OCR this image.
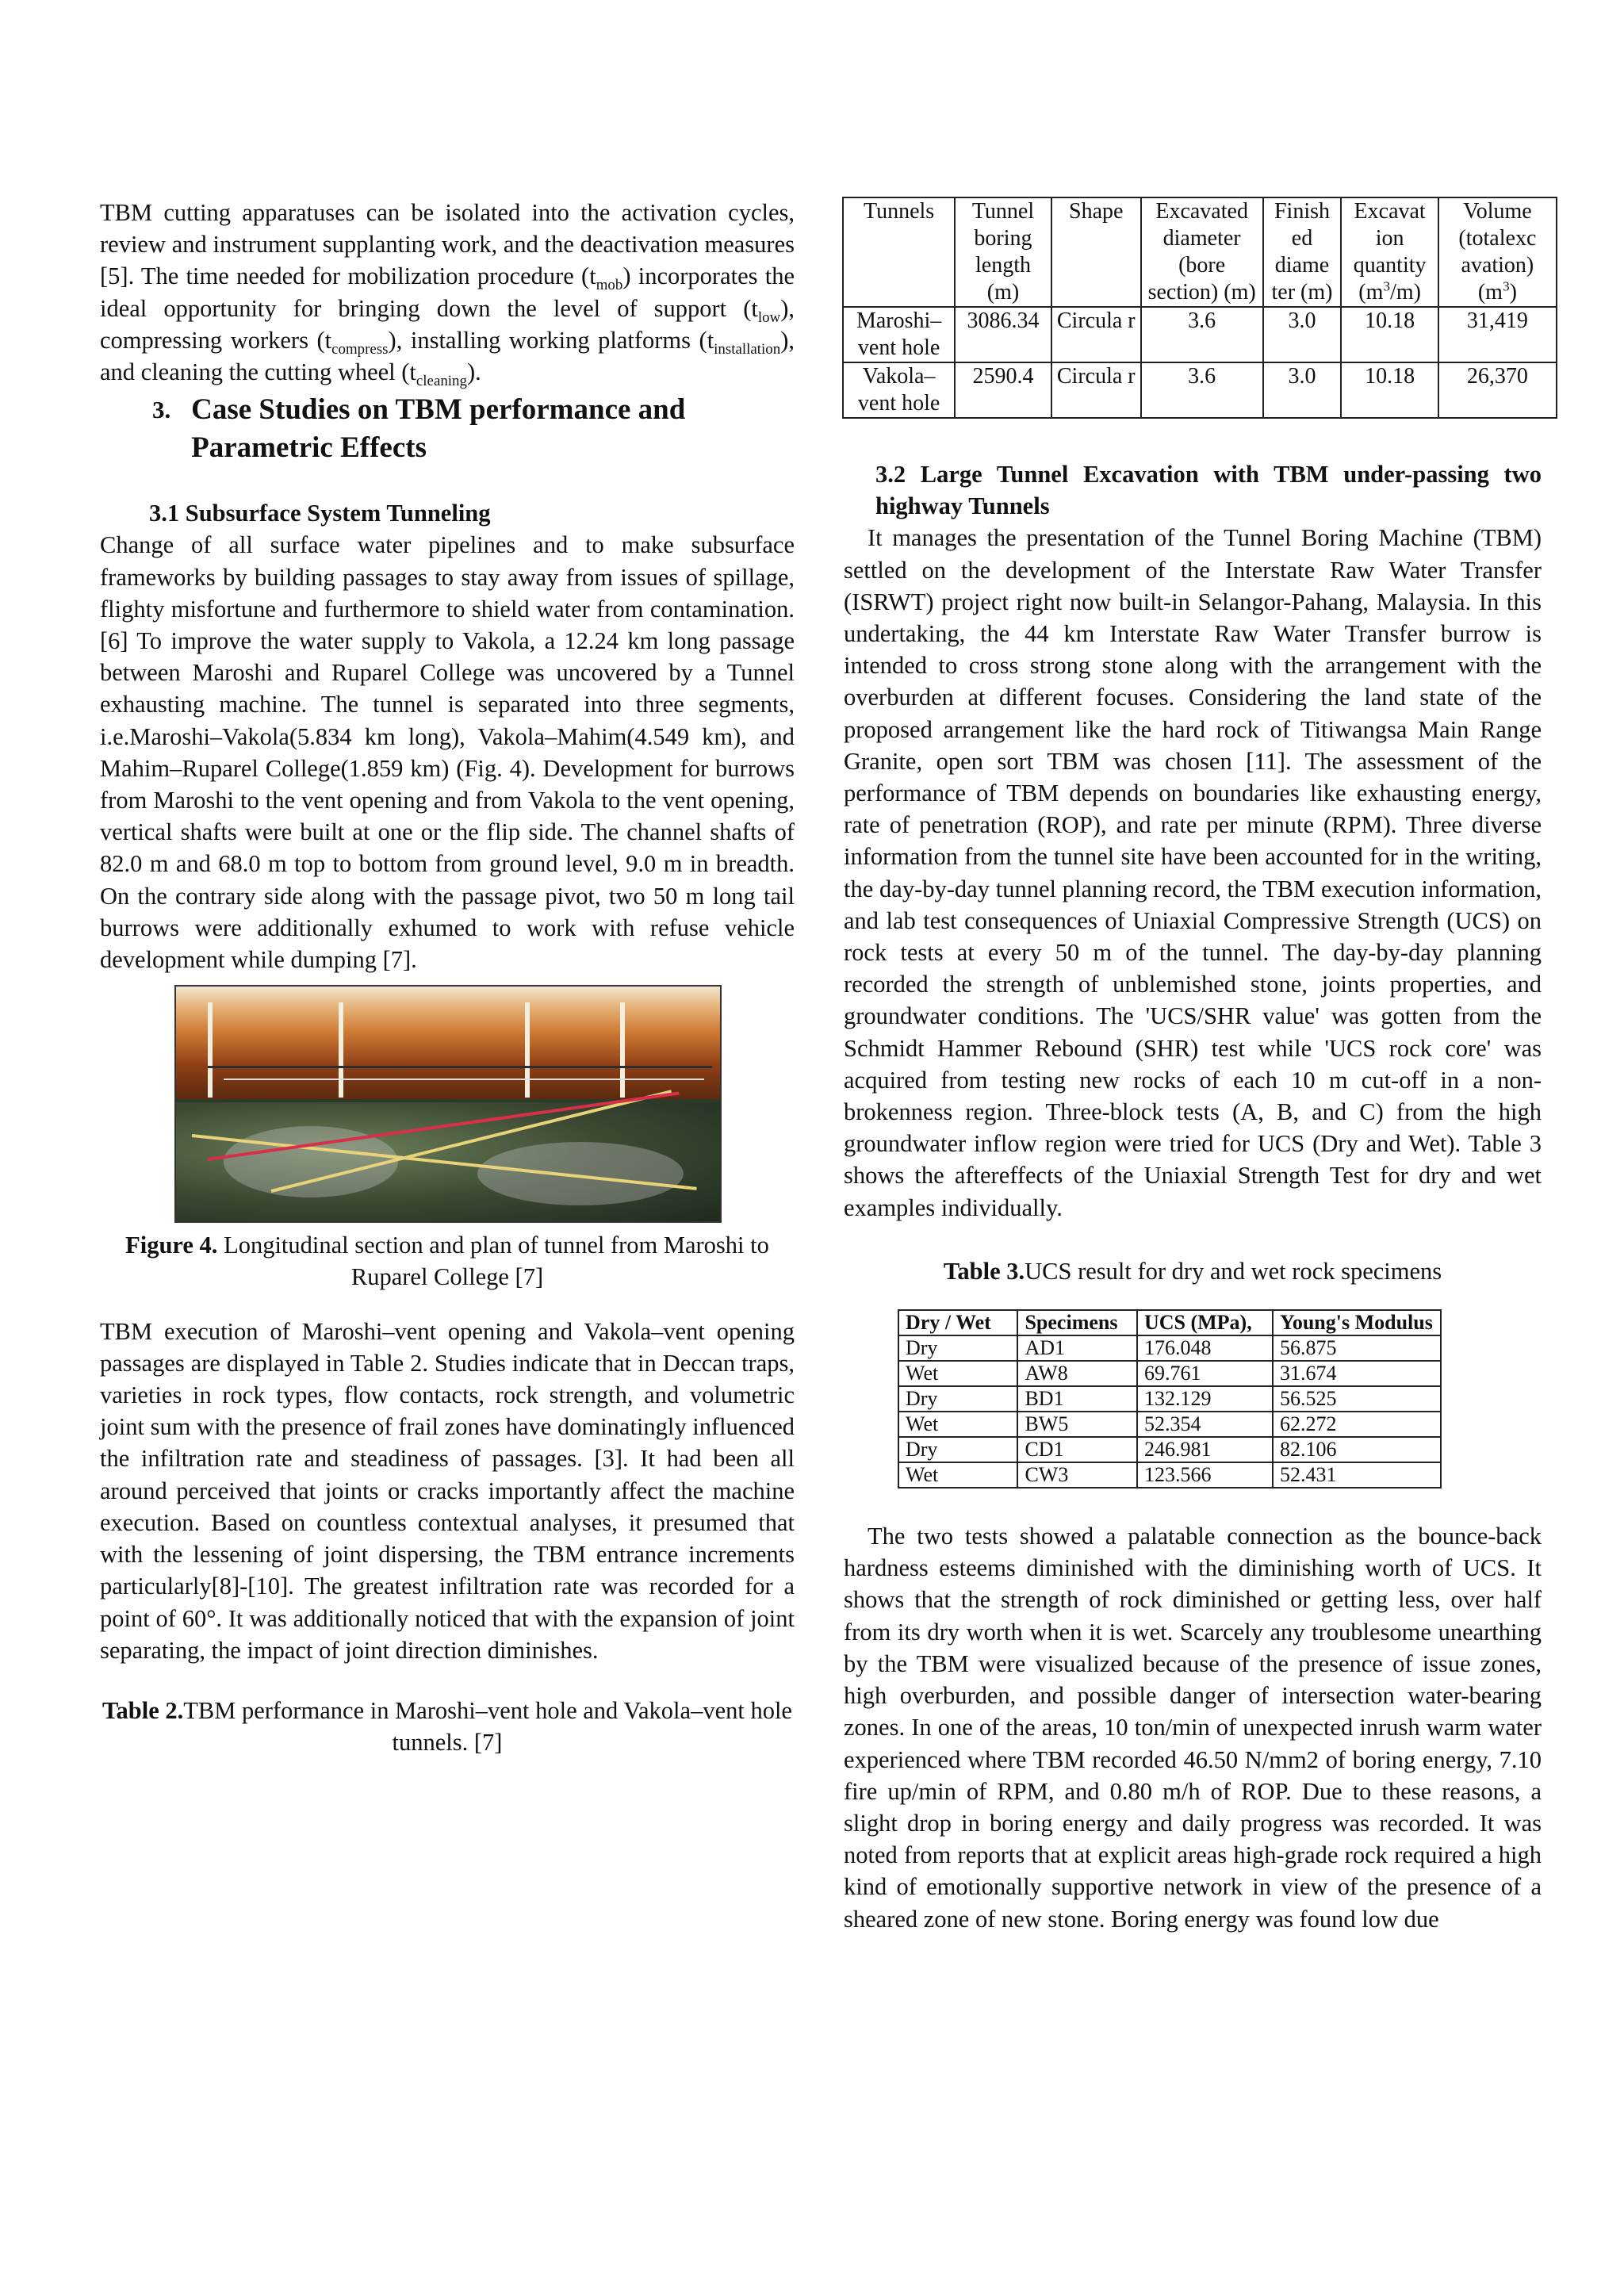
TBM cutting apparatuses can be isolated into the activation cycles, review and instrument supplanting work, and the deactivation measures [5]. The time needed for mobilization procedure $(t_{mob})$ incorporates the ideal opportunity for bringing down the level of support $(t_{low})$, compressing workers $(t_{compress})$, installing working platforms $(t_{installation})$, and cleaning the cutting wheel $(t_{cleaning})$.

3. Case Studies on TBM performance and Parametric Effects
3.1 Subsurface System Tunneling

Change of all surface water pipelines and to make subsurface frameworks by building passages to stay away from issues of spillage, flighty misfortune and furthermore to shield water from contamination.[6] To improve the water supply to Vakola, a 12.24 km long passage between Maroshi and Ruparel College was uncovered by a Tunnel exhausting machine. The tunnel is separated into three segments, i.e.Maroshi–Vakola(5.834 km long), Vakola–Mahim(4.549 km), and Mahim–Ruparel College(1.859 km) (Fig. 4). Development for burrows from Maroshi to the vent opening and from Vakola to the vent opening, vertical shafts were built at one or the flip side. The channel shafts of 82.0 m and 68.0 m top to bottom from ground level, 9.0 m in breadth. On the contrary side along with the passage pivot, two 50 m long tail burrows were additionally exhumed to work with refuse vehicle development while dumping [7].

Figure 4. Longitudinal section and plan of tunnel from Maroshi to Ruparel College [7]

TBM execution of Maroshi–vent opening and Vakola–vent opening passages are displayed in Table 2. Studies indicate that in Deccan traps, varieties in rock types, flow contacts, rock strength, and volumetric joint sum with the presence of frail zones have dominatingly influenced the infiltration rate and steadiness of passages. [3]. It had been all around perceived that joints or cracks importantly affect the machine execution. Based on countless contextual analyses, it presumed that with the lessening of joint dispersing, the TBM entrance increments particularly[8]-[10]. The greatest infiltration rate was recorded for a point of 60°. It was additionally noticed that with the expansion of joint separating, the impact of joint direction diminishes.

Table 2.TBM performance in Maroshi–vent hole and Vakola–vent hole tunnels. [7]

Tunnels	Tunnel boring length (m)	Shape	Excavated diameter (bore section) (m)	Finish ed diame ter (m)	Excavat ion quantity $(m^3/m)$	Volume (totalexc avation) $(m^3)$
Maroshi– vent hole	3086.34	Circula r	3.6	3.0	10.18	31,419
Vakola– vent hole	2590.4	Circula r	3.6	3.0	10.18	26,370

3.2 Large Tunnel Excavation with TBM under-passing two highway Tunnels

It manages the presentation of the Tunnel Boring Machine (TBM) settled on the development of the Interstate Raw Water Transfer (ISRWT) project right now built-in Selangor-Pahang, Malaysia. In this undertaking, the 44 km Interstate Raw Water Transfer burrow is intended to cross strong stone along with the arrangement with the overburden at different focuses. Considering the land state of the proposed arrangement like the hard rock of Titiwangsa Main Range Granite, open sort TBM was chosen [11]. The assessment of the performance of TBM depends on boundaries like exhausting energy, rate of penetration (ROP), and rate per minute (RPM). Three diverse information from the tunnel site have been accounted for in the writing, the day-by-day tunnel planning record, the TBM execution information, and lab test consequences of Uniaxial Compressive Strength (UCS) on rock tests at every 50 m of the tunnel. The day-by-day planning recorded the strength of unblemished stone, joints properties, and groundwater conditions. The 'UCS/SHR value' was gotten from the Schmidt Hammer Rebound (SHR) test while 'UCS rock core' was acquired from testing new rocks of each 10 m cut-off in a non-brokenness region. Three-block tests (A, B, and C) from the high groundwater inflow region were tried for UCS (Dry and Wet). Table 3 shows the aftereffects of the Uniaxial Strength Test for dry and wet examples individually.

Table 3.UCS result for dry and wet rock specimens

Dry / Wet	Specimens	UCS (MPa),	Young's Modulus
Dry	AD1	176.048	56.875
Wet	AW8	69.761	31.674
Dry	BD1	132.129	56.525
Wet	BW5	52.354	62.272
Dry	CD1	246.981	82.106
Wet	CW3	123.566	52.431

The two tests showed a palatable connection as the bounce-back hardness esteems diminished with the diminishing worth of UCS. It shows that the strength of rock diminished or getting less, over half from its dry worth when it is wet. Scarcely any troublesome unearthing by the TBM were visualized because of the presence of issue zones, high overburden, and possible danger of intersection water-bearing zones. In one of the areas, 10 ton/min of unexpected inrush warm water experienced where TBM recorded 46.50 N/mm2 of boring energy, 7.10 fire up/min of RPM, and 0.80 m/h of ROP. Due to these reasons, a slight drop in boring energy and daily progress was recorded. It was noted from reports that at explicit areas high-grade rock required a high kind of emotionally supportive network in view of the presence of a sheared zone of new stone. Boring energy was found low due
